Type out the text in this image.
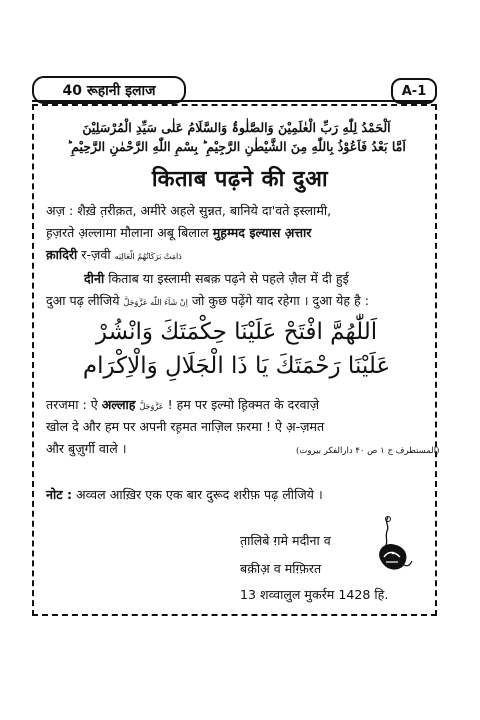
40 रूहानी इलाज	A-1
اَلْحَمْدُ لِلّٰهِ رَبِّ الْعٰلَمِیْنَ وَالصَّلٰوۃُ وَالسَّلَامُ عَلٰی سَیِّدِ الْمُرْسَلِیْنَ
اَمَّا بَعْدُ فَاَعُوْذُ بِاللّٰهِ مِنَ الشَّیْطٰنِ الرَّجِیْمِ ؕ بِسْمِ اللّٰهِ الرَّحْمٰنِ الرَّحِیْمِ ؕ
किताब पढ़ने की दुआ
अज़ : शैख़े त़रीक़त, अमीरे अहले सुन्नत, बानिये दा'वते इस्लामी,
ह़ज़रते अ़ल्लामा मौलाना अबू बिलाल मुह़म्मद इल्यास अ़त्तार
क़ादिरी र-ज़वी دَامَتْ بَرَكَاتُهُمُ الْعَالِيَه
दीनी किताब या इस्लामी सबक़ पढ़ने से पहले ज़ैल में दी हुई
दुआ पढ़ लीजिये اِنْ شَآءَ اللّٰه عَزَّوَجَلَّ जो कुछ पढ़ेंगे याद रहेगा । दुआ येह है :
اَللّٰهُمَّ افْتَحْ عَلَیْنَا حِکْمَتَكَ وَانْشُرْ
عَلَیْنَا رَحْمَتَكَ یَا ذَا الْجَلَالِ وَالْاِکْرَام
तरजमा : ऐ अल्लाह عَزَّوَجَلَّ ! हम पर इल्मो ह़िक्मत के दरवाज़े
खोल दे और हम पर अपनी रह़मत नाज़िल फ़रमा ! ऐ अ़-ज़मत
और बुज़ुर्गी वाले ।	(المستطرف ج ۱ ص ۴۰ دارالفکر بیروت)
नोट : अव्वल आख़िर एक एक बार दुरूद शरीफ़ पढ़ लीजिये ।
त़ालिबे ग़मे मदीना व
बक़ीअ़ व मग़्फ़िरत
13 शव्वालुल मुकर्रम 1428 हि.
